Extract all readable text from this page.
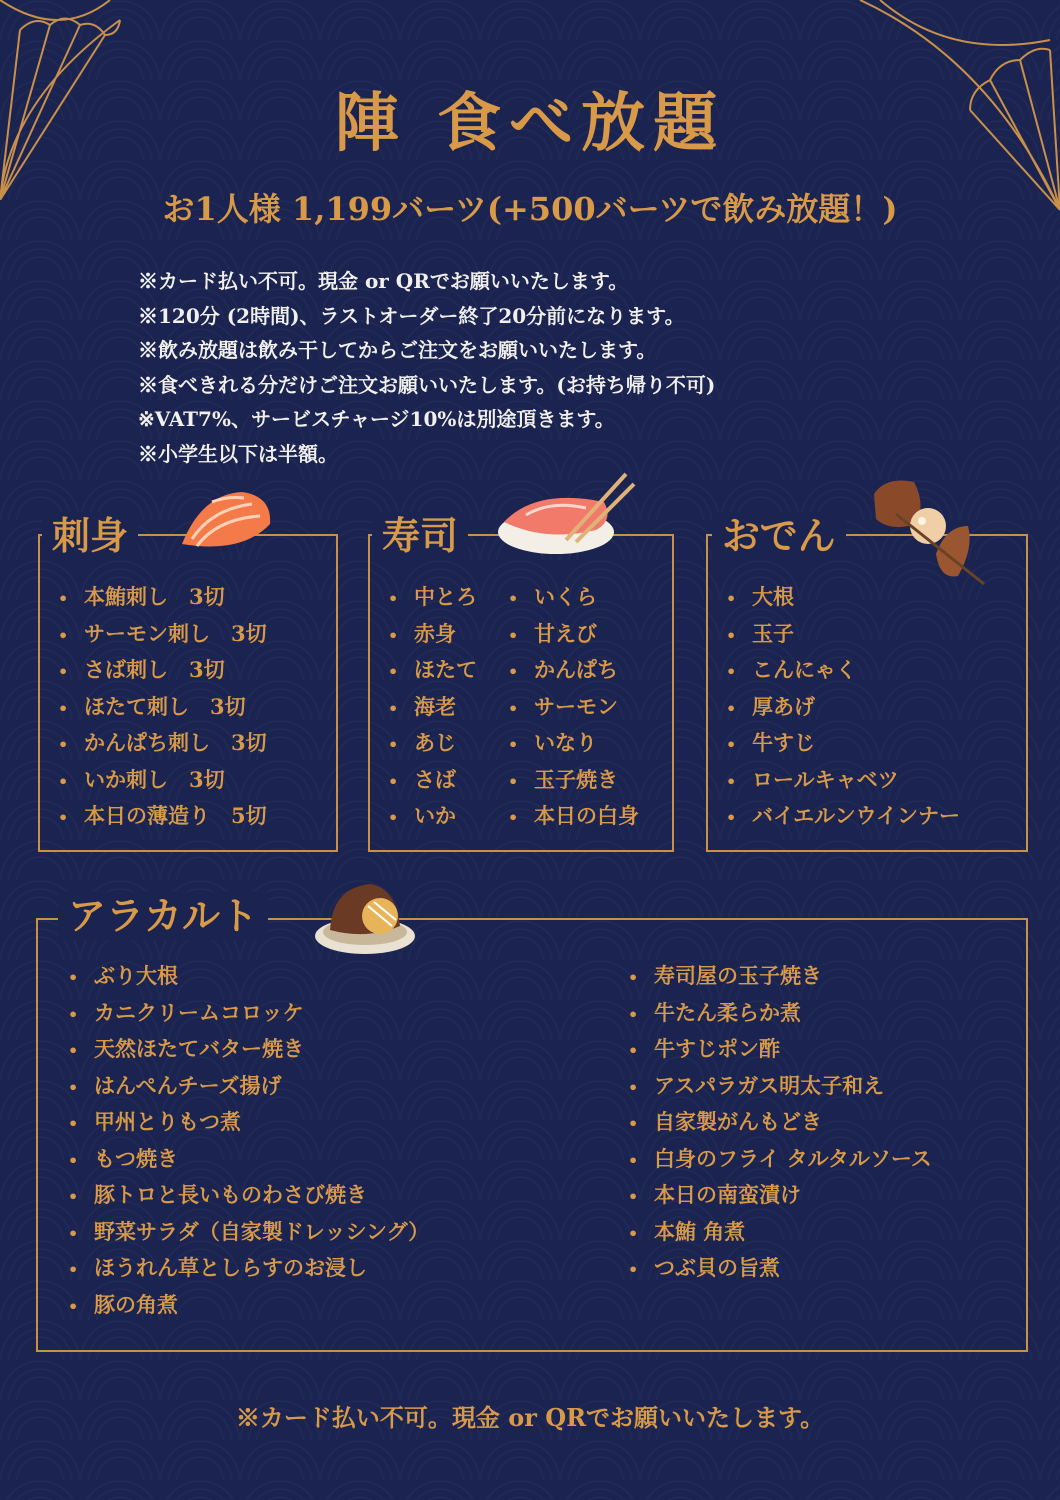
陣 食べ放題
お1人様 1,199バーツ(+500バーツで飲み放題！)
※カード払い不可。現金 or QRでお願いいたします。
※120分 (2時間)、ラストオーダー終了20分前になります。
※飲み放題は飲み干してからご注文をお願いいたします。
※食べきれる分だけご注文お願いいたします。(お持ち帰り不可)
※VAT7%、サービスチャージ10%は別途頂きます。
※小学生以下は半額。
刺身
• 本鮪刺し　3切
• サーモン刺し　3切
• さば刺し　3切
• ほたて刺し　3切
• かんぱち刺し　3切
• いか刺し　3切
• 本日の薄造り　5切
寿司
• 中とろ
• 赤身
• ほたて
• 海老
• あじ
• さば
• いか
• いくら
• 甘えび
• かんぱち
• サーモン
• いなり
• 玉子焼き
• 本日の白身
おでん
• 大根
• 玉子
• こんにゃく
• 厚あげ
• 牛すじ
• ロールキャベツ
• バイエルンウインナー
アラカルト
• ぶり大根
• カニクリームコロッケ
• 天然ほたてバター焼き
• はんぺんチーズ揚げ
• 甲州とりもつ煮
• もつ焼き
• 豚トロと長いものわさび焼き
• 野菜サラダ（自家製ドレッシング）
• ほうれん草としらすのお浸し
• 豚の角煮
• 寿司屋の玉子焼き
• 牛たん柔らか煮
• 牛すじポン酢
• アスパラガス明太子和え
• 自家製がんもどき
• 白身のフライ タルタルソース
• 本日の南蛮漬け
• 本鮪 角煮
• つぶ貝の旨煮
※カード払い不可。現金 or QRでお願いいたします。
